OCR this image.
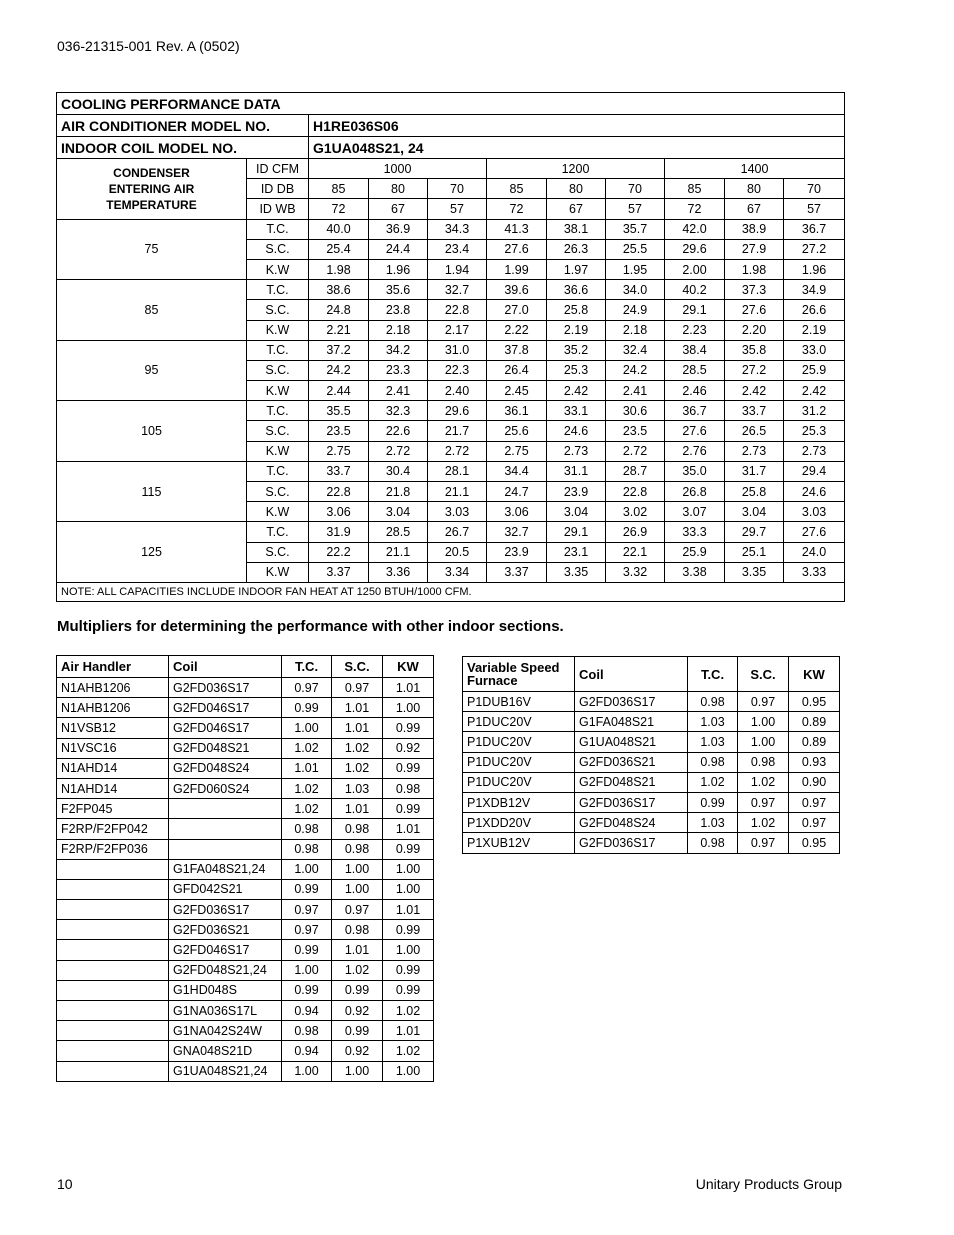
036-21315-001 Rev. A (0502)
COOLING PERFORMANCE DATA										
AIR CONDITIONER MODEL NO.		H1RE036S06								
INDOOR COIL MODEL NO.		G1UA048S21, 24								

CONDENSER
ENTERING AIR
TEMPERATURE	ID CFM	1000			1200			1400		
	ID DB	85	80	70	85	80	70	85	80	70
	ID WB	72	67	57	72	67	57	72	67	57
75	T.C.	40.0	36.9	34.3	41.3	38.1	35.7	42.0	38.9	36.7
	S.C.	25.4	24.4	23.4	27.6	26.3	25.5	29.6	27.9	27.2
	K.W	1.98	1.96	1.94	1.99	1.97	1.95	2.00	1.98	1.96
85	T.C.	38.6	35.6	32.7	39.6	36.6	34.0	40.2	37.3	34.9
	S.C.	24.8	23.8	22.8	27.0	25.8	24.9	29.1	27.6	26.6
	K.W	2.21	2.18	2.17	2.22	2.19	2.18	2.23	2.20	2.19
95	T.C.	37.2	34.2	31.0	37.8	35.2	32.4	38.4	35.8	33.0
	S.C.	24.2	23.3	22.3	26.4	25.3	24.2	28.5	27.2	25.9
	K.W	2.44	2.41	2.40	2.45	2.42	2.41	2.46	2.42	2.42
105	T.C.	35.5	32.3	29.6	36.1	33.1	30.6	36.7	33.7	31.2
	S.C.	23.5	22.6	21.7	25.6	24.6	23.5	27.6	26.5	25.3
	K.W	2.75	2.72	2.72	2.75	2.73	2.72	2.76	2.73	2.73
115	T.C.	33.7	30.4	28.1	34.4	31.1	28.7	35.0	31.7	29.4
	S.C.	22.8	21.8	21.1	24.7	23.9	22.8	26.8	25.8	24.6
	K.W	3.06	3.04	3.03	3.06	3.04	3.02	3.07	3.04	3.03
125	T.C.	31.9	28.5	26.7	32.7	29.1	26.9	33.3	29.7	27.6
	S.C.	22.2	21.1	20.5	23.9	23.1	22.1	25.9	25.1	24.0
	K.W	3.37	3.36	3.34	3.37	3.35	3.32	3.38	3.35	3.33
NOTE: ALL CAPACITIES INCLUDE INDOOR FAN HEAT AT 1250 BTUH/1000 CFM.										
Multipliers for determining the performance with other indoor sections.
Air Handler	Coil	T.C.	S.C.	KW
N1AHB1206	G2FD036S17	0.97	0.97	1.01
N1AHB1206	G2FD046S17	0.99	1.01	1.00
N1VSB12	G2FD046S17	1.00	1.01	0.99
N1VSC16	G2FD048S21	1.02	1.02	0.92
N1AHD14	G2FD048S24	1.01	1.02	0.99
N1AHD14	G2FD060S24	1.02	1.03	0.98
F2FP045		1.02	1.01	0.99
F2RP/F2FP042		0.98	0.98	1.01
F2RP/F2FP036		0.98	0.98	0.99
	G1FA048S21,24	1.00	1.00	1.00
	GFD042S21	0.99	1.00	1.00
	G2FD036S17	0.97	0.97	1.01
	G2FD036S21	0.97	0.98	0.99
	G2FD046S17	0.99	1.01	1.00
	G2FD048S21,24	1.00	1.02	0.99
	G1HD048S	0.99	0.99	0.99
	G1NA036S17L	0.94	0.92	1.02
	G1NA042S24W	0.98	0.99	1.01
	GNA048S21D	0.94	0.92	1.02
	G1UA048S21,24	1.00	1.00	1.00
Variable Speed Furnace	Coil	T.C.	S.C.	KW
P1DUB16V	G2FD036S17	0.98	0.97	0.95
P1DUC20V	G1FA048S21	1.03	1.00	0.89
P1DUC20V	G1UA048S21	1.03	1.00	0.89
P1DUC20V	G2FD036S21	0.98	0.98	0.93
P1DUC20V	G2FD048S21	1.02	1.02	0.90
P1XDB12V	G2FD036S17	0.99	0.97	0.97
P1XDD20V	G2FD048S24	1.03	1.02	0.97
P1XUB12V	G2FD036S17	0.98	0.97	0.95
10	Unitary Products Group
